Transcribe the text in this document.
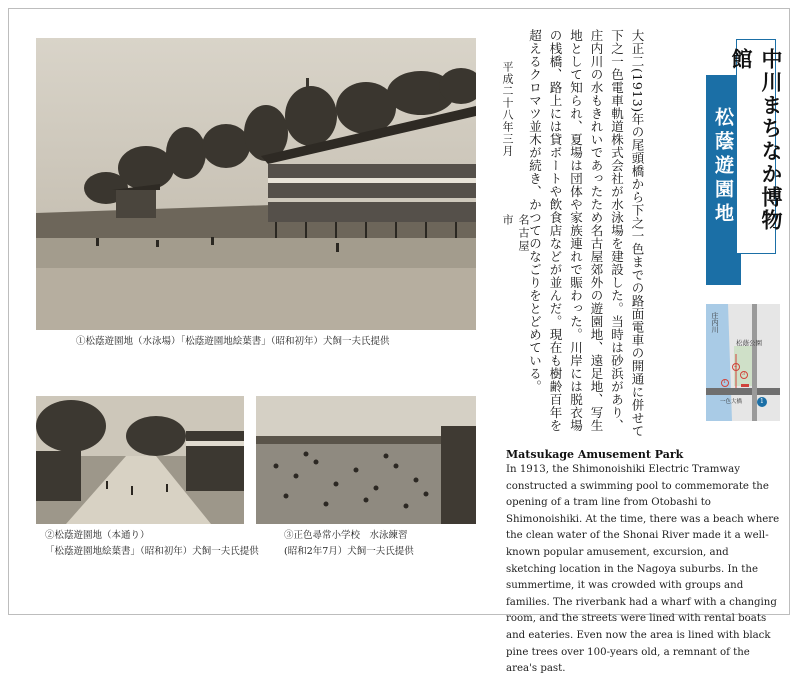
①松蔭遊園地（水泳場）「松蔭遊園地絵葉書」（昭和初年）犬飼一夫氏提供
②松蔭遊園地（本通り）
「松蔭遊園地絵葉書」（昭和初年）犬飼一夫氏提供
③正色尋常小学校　水泳練習
(昭和2年7月）犬飼一夫氏提供
大正二(1913)年の尾頭橋から下之一色までの路面電車の開通に併せて下之一色電車軌道株式会社が水泳場を建設した。当時は砂浜があり、庄内川の水もきれいであったため名古屋郊外の遊園地、遠足地、写生地として知られ、夏場は団体や家族連れで賑わった。川岸には脱衣場の桟橋、路上には貸ボートや飲食店などが並んだ。現在も樹齢百年を超えるクロマツ並木が続き、かつてのなごりをとどめている。
平成二十八年三月
名古屋市	松蔭遊園地	中川まちなか博物館
庄内川
松蔭公園
一色大橋
1
2
3
1
Matsukage Amusement Park
In 1913, the Shimonoishiki Electric Tramway constructed a swimming pool to commemorate the opening of a tram line from Otobashi to Shimonoishiki. At the time, there was a beach where the clean water of the Shonai River made it a well-known popular amusement, excursion, and sketching location in the Nagoya suburbs. In the summertime, it was crowded with groups and families. The riverbank had a wharf with a changing room, and the streets were lined with rental boats and eateries. Even now the area is lined with black pine trees over 100-years old, a remnant of the area's past.
